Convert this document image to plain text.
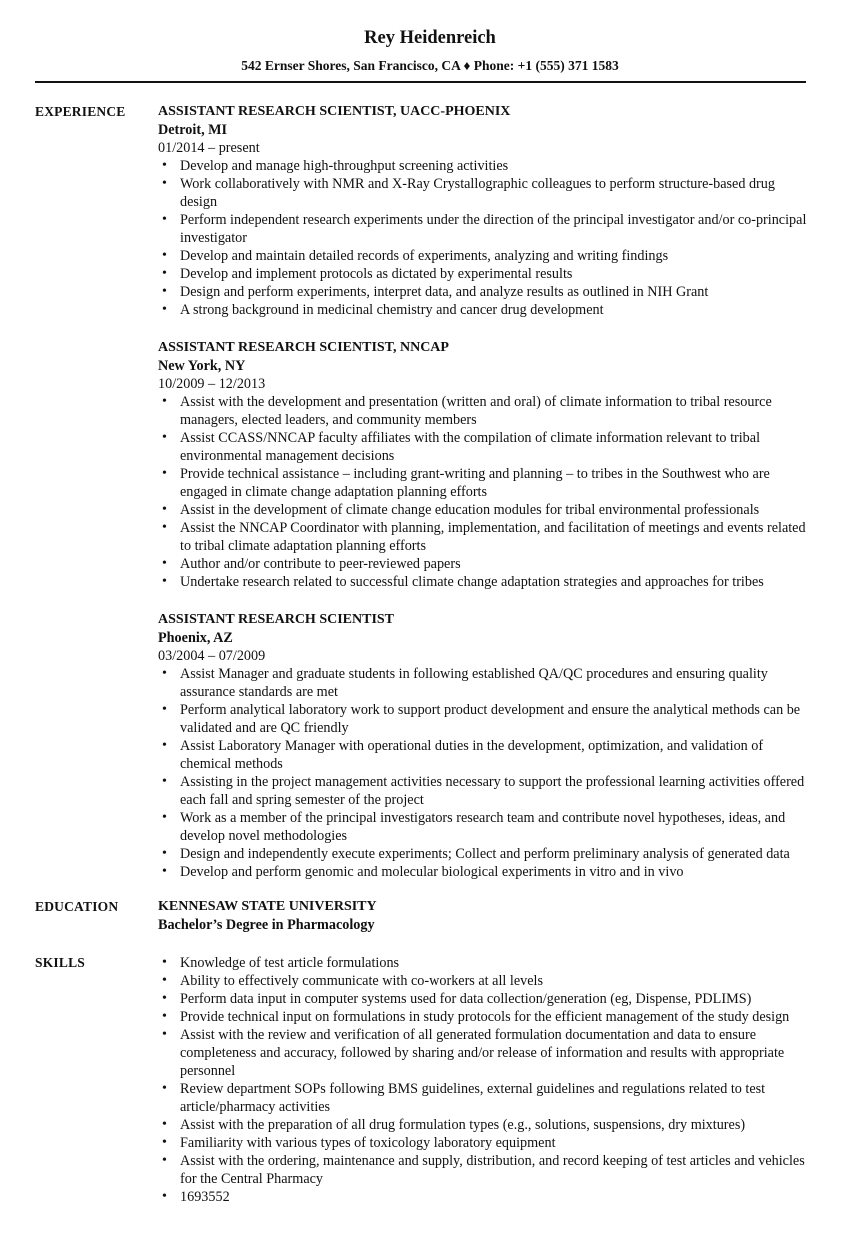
Rey Heidenreich
542 Ernser Shores, San Francisco, CA ♦ Phone: +1 (555) 371 1583
EXPERIENCE ASSISTANT RESEARCH SCIENTIST, UACC-PHOENIX
Detroit, MI
01/2014 – present
• Develop and manage high-throughput screening activities
• Work collaboratively with NMR and X-Ray Crystallographic colleagues to perform structure-based drug design
• Perform independent research experiments under the direction of the principal investigator and/or co-principal investigator
• Develop and maintain detailed records of experiments, analyzing and writing findings
• Develop and implement protocols as dictated by experimental results
• Design and perform experiments, interpret data, and analyze results as outlined in NIH Grant
• A strong background in medicinal chemistry and cancer drug development
ASSISTANT RESEARCH SCIENTIST, NNCAP
New York, NY
10/2009 – 12/2013
• Assist with the development and presentation (written and oral) of climate information to tribal resource managers, elected leaders, and community members
• Assist CCASS/NNCAP faculty affiliates with the compilation of climate information relevant to tribal environmental management decisions
• Provide technical assistance – including grant-writing and planning – to tribes in the Southwest who are engaged in climate change adaptation planning efforts
• Assist in the development of climate change education modules for tribal environmental professionals
• Assist the NNCAP Coordinator with planning, implementation, and facilitation of meetings and events related to tribal climate adaptation planning efforts
• Author and/or contribute to peer-reviewed papers
• Undertake research related to successful climate change adaptation strategies and approaches for tribes
ASSISTANT RESEARCH SCIENTIST
Phoenix, AZ
03/2004 – 07/2009
• Assist Manager and graduate students in following established QA/QC procedures and ensuring quality assurance standards are met
• Perform analytical laboratory work to support product development and ensure the analytical methods can be validated and are QC friendly
• Assist Laboratory Manager with operational duties in the development, optimization, and validation of chemical methods
• Assisting in the project management activities necessary to support the professional learning activities offered each fall and spring semester of the project
• Work as a member of the principal investigators research team and contribute novel hypotheses, ideas, and develop novel methodologies
• Design and independently execute experiments; Collect and perform preliminary analysis of generated data
• Develop and perform genomic and molecular biological experiments in vitro and in vivo
EDUCATION	KENNESAW STATE UNIVERSITY
Bachelor’s Degree in Pharmacology
SKILLS	• Knowledge of test article formulations
• Ability to effectively communicate with co-workers at all levels
• Perform data input in computer systems used for data collection/generation (eg, Dispense, PDLIMS)
• Provide technical input on formulations in study protocols for the efficient management of the study design
• Assist with the review and verification of all generated formulation documentation and data to ensure completeness and accuracy, followed by sharing and/or release of information and results with appropriate personnel
• Review department SOPs following BMS guidelines, external guidelines and regulations related to test article/pharmacy activities
• Assist with the preparation of all drug formulation types (e.g., solutions, suspensions, dry mixtures)
• Familiarity with various types of toxicology laboratory equipment
• Assist with the ordering, maintenance and supply, distribution, and record keeping of test articles and vehicles for the Central Pharmacy
• 1693552
